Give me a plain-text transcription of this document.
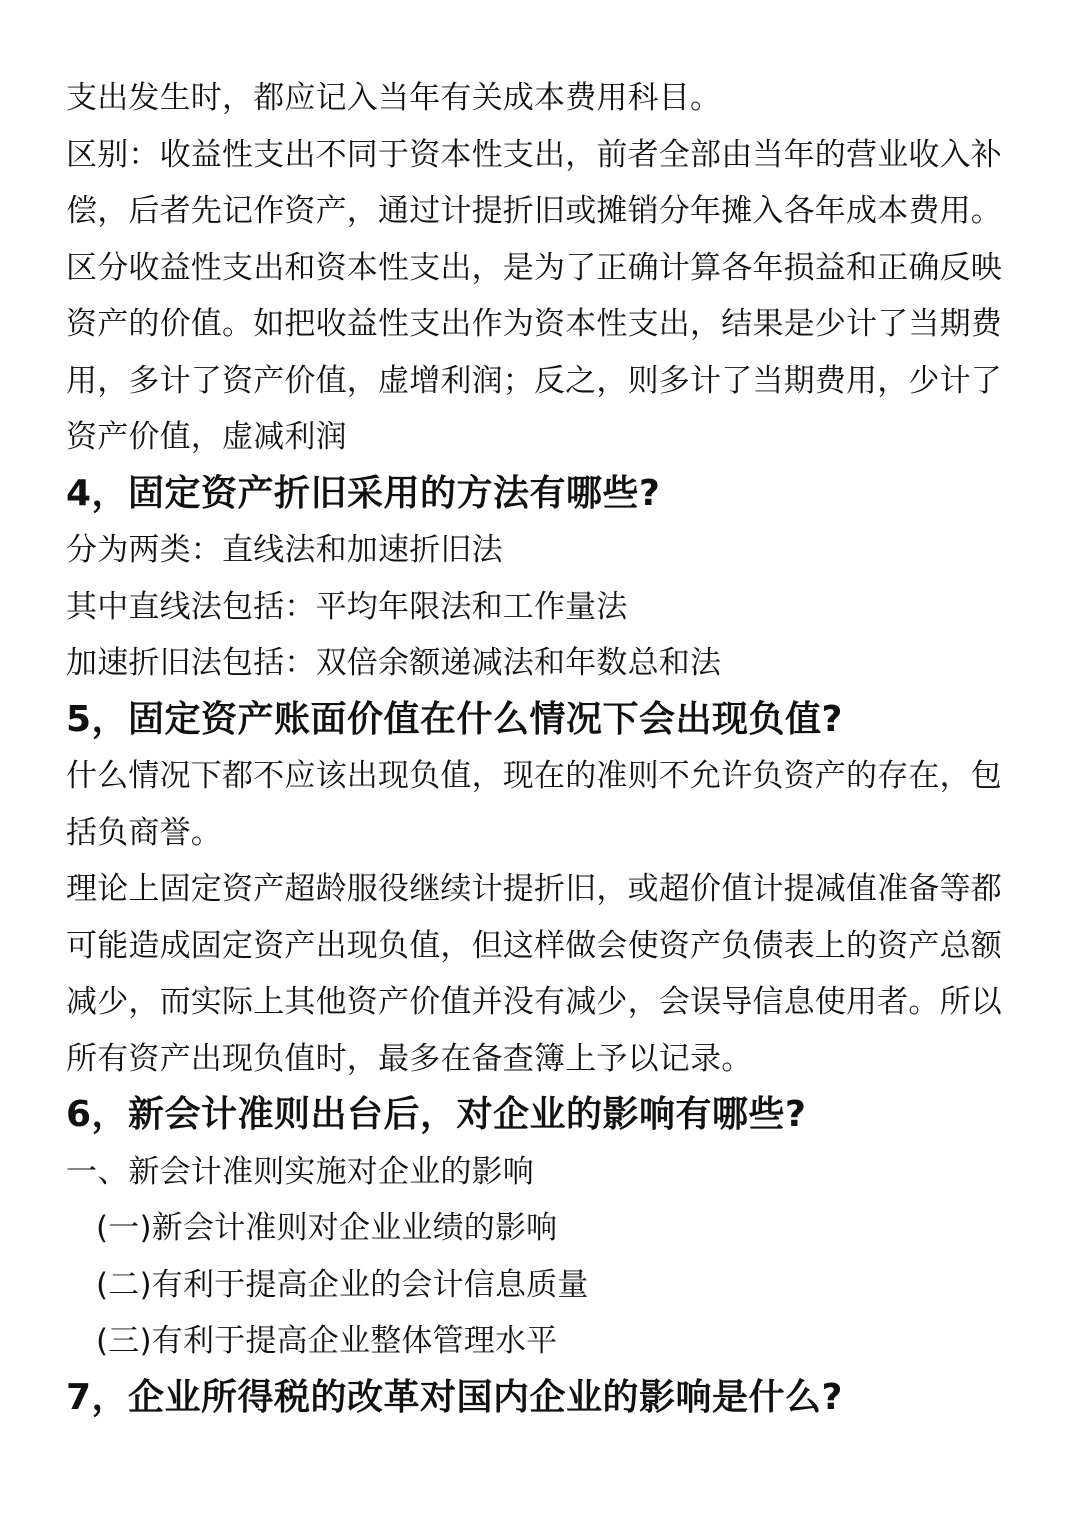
支出发生时，都应记入当年有关成本费用科目。

区别：收益性支出不同于资本性支出，前者全部由当年的营业收入补偿，后者先记作资产，通过计提折旧或摊销分年摊入各年成本费用。区分收益性支出和资本性支出，是为了正确计算各年损益和正确反映资产的价值。如把收益性支出作为资本性支出，结果是少计了当期费用，多计了资产价值，虚增利润；反之，则多计了当期费用，少计了资产价值，虚减利润

4，固定资产折旧采用的方法有哪些?

分为两类：直线法和加速折旧法

其中直线法包括：平均年限法和工作量法

加速折旧法包括：双倍余额递减法和年数总和法

5，固定资产账面价值在什么情况下会出现负值?

什么情况下都不应该出现负值，现在的准则不允许负资产的存在，包括负商誉。

理论上固定资产超龄服役继续计提折旧，或超价值计提减值准备等都可能造成固定资产出现负值，但这样做会使资产负债表上的资产总额减少，而实际上其他资产价值并没有减少，会误导信息使用者。所以所有资产出现负值时，最多在备查簿上予以记录。

6，新会计准则出台后，对企业的影响有哪些?

一、新会计准则实施对企业的影响

(一)新会计准则对企业业绩的影响

(二)有利于提高企业的会计信息质量

(三)有利于提高企业整体管理水平

7，企业所得税的改革对国内企业的影响是什么?
